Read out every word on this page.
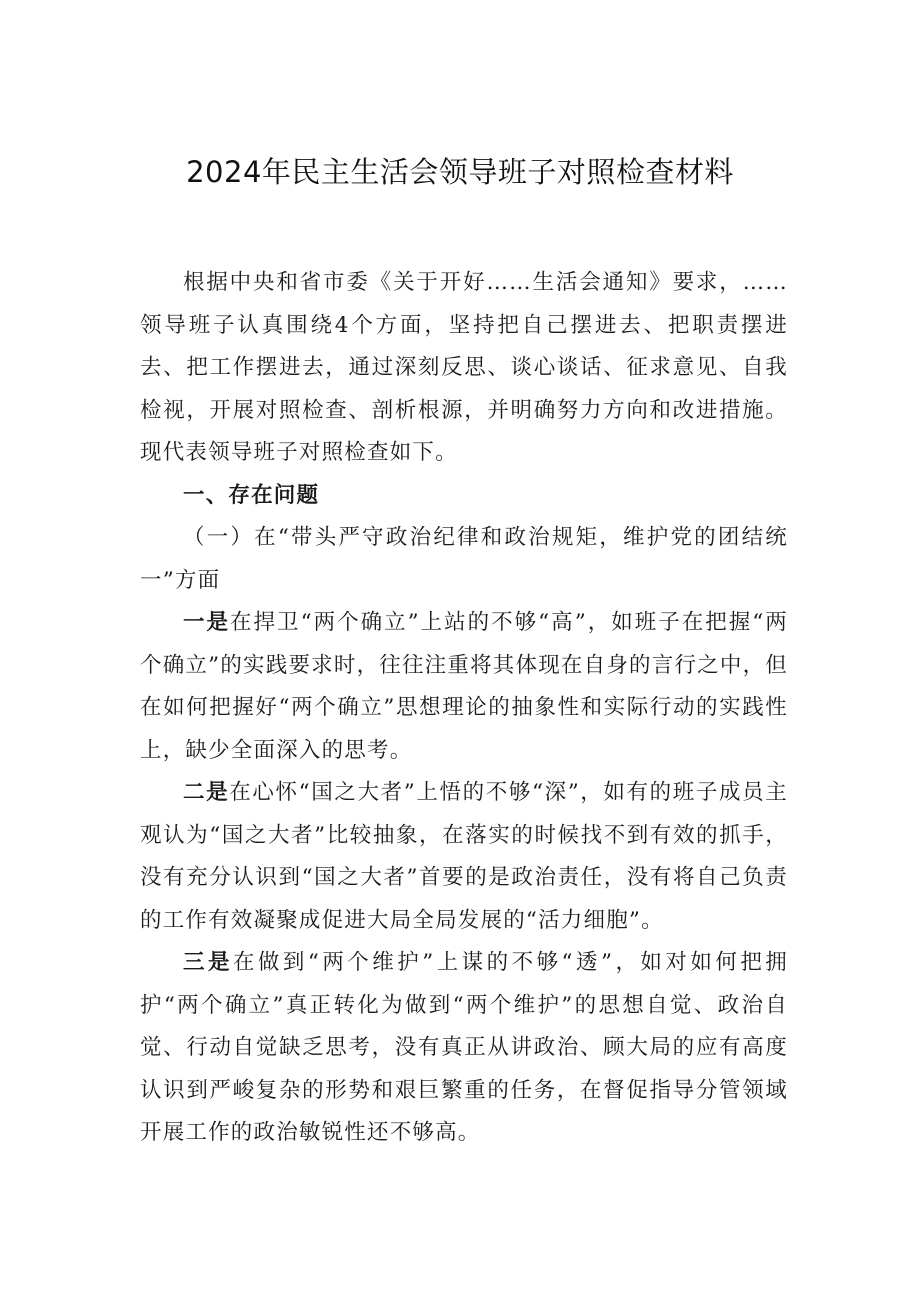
2024年民主生活会领导班子对照检查材料

根据中央和省市委《关于开好……生活会通知》要求，……领导班子认真围绕4个方面，坚持把自己摆进去、把职责摆进去、把工作摆进去，通过深刻反思、谈心谈话、征求意见、自我检视，开展对照检查、剖析根源，并明确努力方向和改进措施。现代表领导班子对照检查如下。

一、存在问题

（一）在“带头严守政治纪律和政治规矩，维护党的团结统一”方面

一是在捍卫“两个确立”上站的不够“高”，如班子在把握“两个确立”的实践要求时，往往注重将其体现在自身的言行之中，但在如何把握好“两个确立”思想理论的抽象性和实际行动的实践性上，缺少全面深入的思考。

二是在心怀“国之大者”上悟的不够“深”，如有的班子成员主观认为“国之大者”比较抽象，在落实的时候找不到有效的抓手，没有充分认识到“国之大者”首要的是政治责任，没有将自己负责的工作有效凝聚成促进大局全局发展的“活力细胞”。

三是在做到“两个维护”上谋的不够“透”，如对如何把拥护“两个确立”真正转化为做到“两个维护”的思想自觉、政治自觉、行动自觉缺乏思考，没有真正从讲政治、顾大局的应有高度认识到严峻复杂的形势和艰巨繁重的任务，在督促指导分管领域开展工作的政治敏锐性还不够高。
